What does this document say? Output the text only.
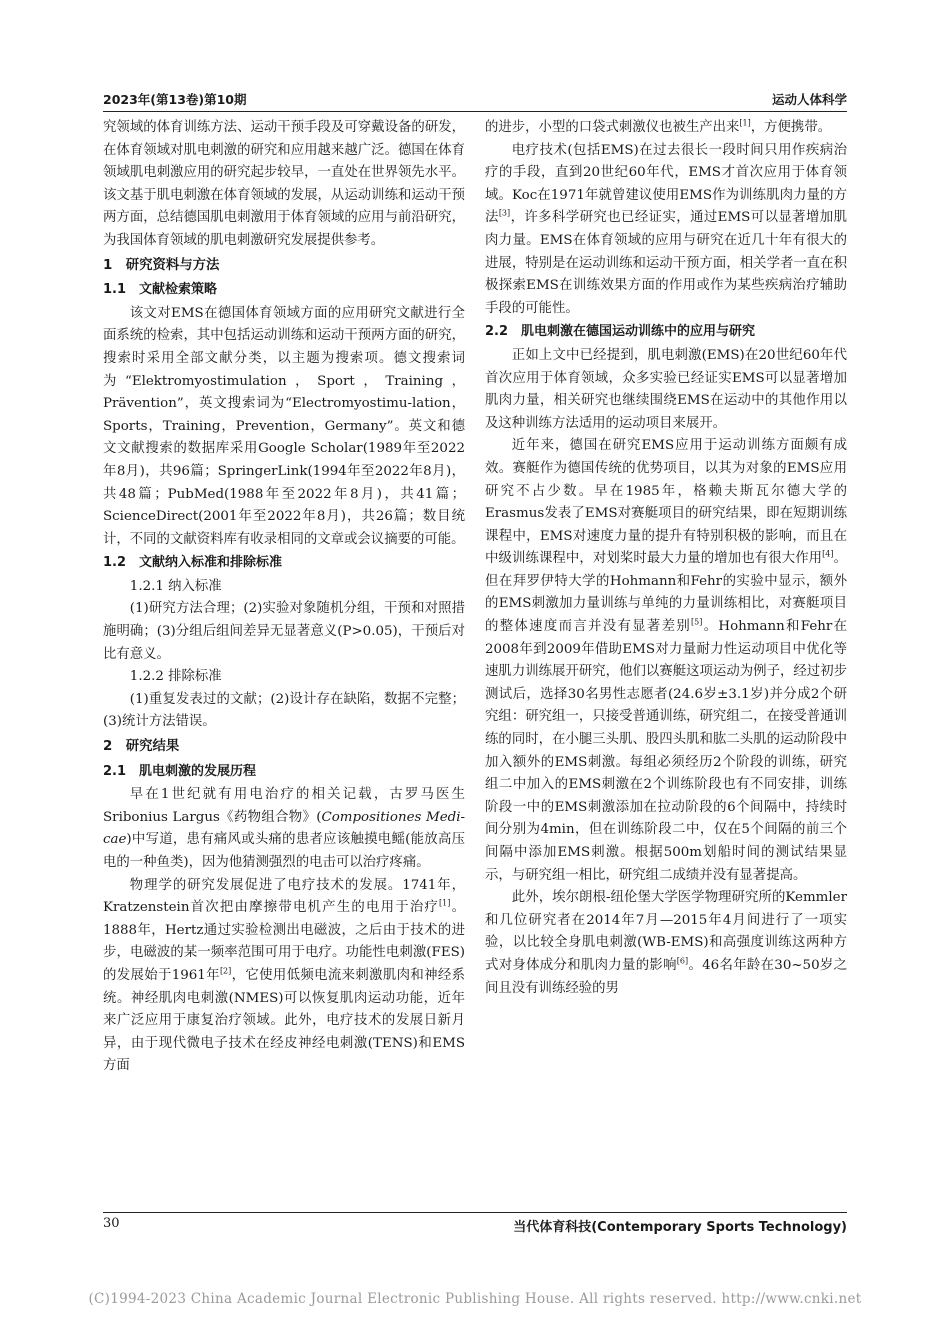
2023年(第13卷)第10期	运动人体科学

究领域的体育训练方法、运动干预手段及可穿戴设备的研发，在体育领域对肌电刺激的研究和应用越来越广泛。德国在体育领域肌电刺激应用的研究起步较早，一直处在世界领先水平。该文基于肌电刺激在体育领域的发展，从运动训练和运动干预两方面，总结德国肌电刺激用于体育领域的应用与前沿研究，为我国体育领域的肌电刺激研究发展提供参考。

1　研究资料与方法
1.1　文献检索策略

该文对EMS在德国体育领域方面的应用研究文献进行全面系统的检索，其中包括运动训练和运动干预两方面的研究，搜索时采用全部文献分类，以主题为搜索项。德文搜索词为“Elektromyostimulation，Sport，Training，Prävention”，英文搜索词为“Electromyostimu-lation，Sports，Training，Prevention，Germany”。英文和德文文献搜索的数据库采用Google Scholar(1989年至2022年8月)，共96篇；SpringerLink(1994年至2022年8月)，共48篇；PubMed(1988年至2022年8月)，共41篇；ScienceDirect(2001年至2022年8月)，共26篇；数目统计，不同的文献资料库有收录相同的文章或会议摘要的可能。

1.2　文献纳入标准和排除标准
1.2.1 纳入标准

(1)研究方法合理；(2)实验对象随机分组，干预和对照措施明确；(3)分组后组间差异无显著意义(P>0.05)，干预后对比有意义。

1.2.2 排除标准

(1)重复发表过的文献；(2)设计存在缺陷，数据不完整；(3)统计方法错误。

2　研究结果
2.1　肌电刺激的发展历程

早在1世纪就有用电治疗的相关记载，古罗马医生Sribonius Largus《药物组合物》(Compositiones Medi-cae)中写道，患有痛风或头痛的患者应该触摸电鳐(能放高压电的一种鱼类)，因为他猜测强烈的电击可以治疗疼痛。

物理学的研究发展促进了电疗技术的发展。1741年，Kratzenstein首次把由摩擦带电机产生的电用于治疗[1]。1888年，Hertz通过实验检测出电磁波，之后由于技术的进步，电磁波的某一频率范围可用于电疗。功能性电刺激(FES)的发展始于1961年[2]，它使用低频电流来刺激肌肉和神经系统。神经肌肉电刺激(NMES)可以恢复肌肉运动功能，近年来广泛应用于康复治疗领域。此外，电疗技术的发展日新月异，由于现代微电子技术在经皮神经电刺激(TENS)和EMS方面

的进步，小型的口袋式刺激仪也被生产出来[1]，方便携带。

电疗技术(包括EMS)在过去很长一段时间只用作疾病治疗的手段，直到20世纪60年代，EMS才首次应用于体育领域。Koc在1971年就曾建议使用EMS作为训练肌肉力量的方法[3]，许多科学研究也已经证实，通过EMS可以显著增加肌肉力量。EMS在体育领域的应用与研究在近几十年有很大的进展，特别是在运动训练和运动干预方面，相关学者一直在积极探索EMS在训练效果方面的作用或作为某些疾病治疗辅助手段的可能性。

2.2　肌电刺激在德国运动训练中的应用与研究

正如上文中已经提到，肌电刺激(EMS)在20世纪60年代首次应用于体育领域，众多实验已经证实EMS可以显著增加肌肉力量，相关研究也继续围绕EMS在运动中的其他作用以及这种训练方法适用的运动项目来展开。

近年来，德国在研究EMS应用于运动训练方面颇有成效。赛艇作为德国传统的优势项目，以其为对象的EMS应用研究不占少数。早在1985年，格赖夫斯瓦尔德大学的Erasmus发表了EMS对赛艇项目的研究结果，即在短期训练课程中，EMS对速度力量的提升有特别积极的影响，而且在中级训练课程中，对划桨时最大力量的增加也有很大作用[4]。但在拜罗伊特大学的Hohmann和Fehr的实验中显示，额外的EMS刺激加力量训练与单纯的力量训练相比，对赛艇项目的整体速度而言并没有显著差别[5]。Hohmann和Fehr在2008年到2009年借助EMS对力量耐力性运动项目中优化等速肌力训练展开研究，他们以赛艇这项运动为例子，经过初步测试后，选择30名男性志愿者(24.6岁±3.1岁)并分成2个研究组：研究组一，只接受普通训练，研究组二，在接受普通训练的同时，在小腿三头肌、股四头肌和肱二头肌的运动阶段中加入额外的EMS刺激。每组必须经历2个阶段的训练，研究组二中加入的EMS刺激在2个训练阶段也有不同安排，训练阶段一中的EMS刺激添加在拉动阶段的6个间隔中，持续时间分别为4min，但在训练阶段二中，仅在5个间隔的前三个间隔中添加EMS刺激。根据500m划船时间的测试结果显示，与研究组一相比，研究组二成绩并没有显著提高。

此外，埃尔朗根-纽伦堡大学医学物理研究所的Kemmler和几位研究者在2014年7月—2015年4月间进行了一项实验，以比较全身肌电刺激(WB-EMS)和高强度训练这两种方式对身体成分和肌肉力量的影响[6]。46名年龄在30~50岁之间且没有训练经验的男

30	当代体育科技(Contemporary Sports Technology)
(C)1994-2023 China Academic Journal Electronic Publishing House. All rights reserved. http://www.cnki.net
